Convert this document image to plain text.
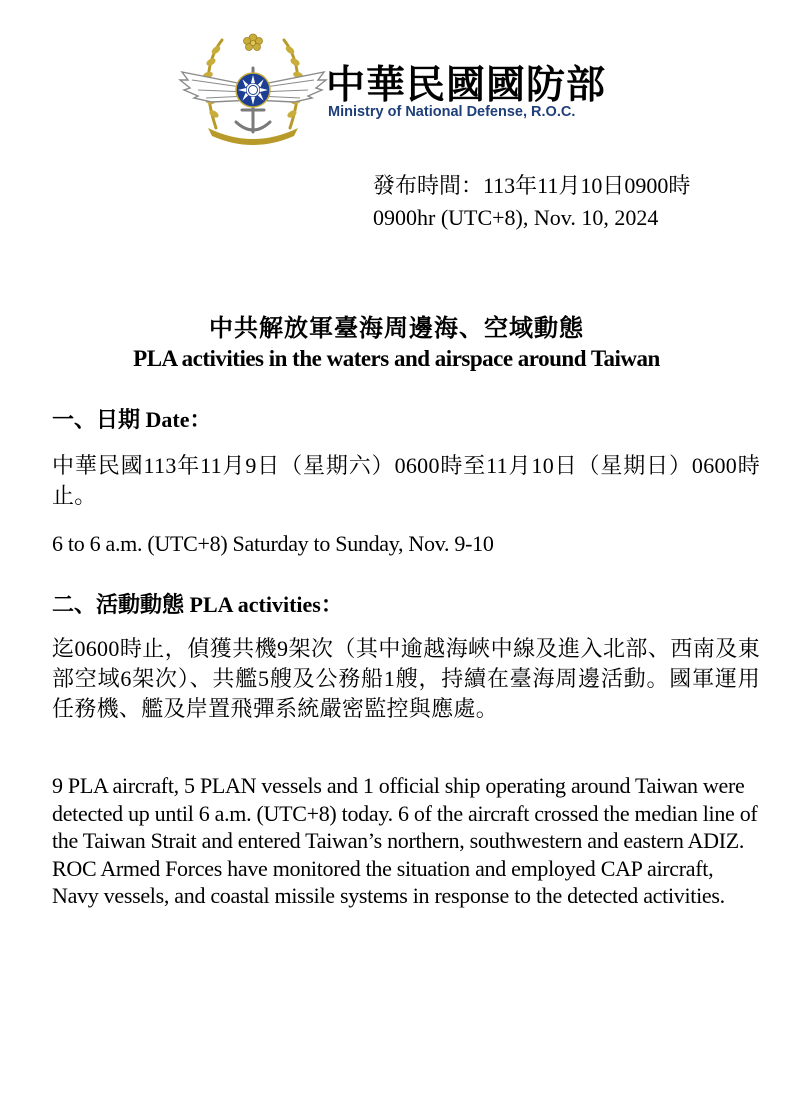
中華民國國防部
Ministry of National Defense, R.O.C.
發布時間：113年11月10日0900時
0900hr (UTC+8), Nov. 10, 2024
中共解放軍臺海周邊海、空域動態
PLA activities in the waters and airspace around Taiwan
一、日期 Date：

中華民國113年11月9日（星期六）0600時至11月10日（星期日）0600時止。

6 to 6 a.m. (UTC+8) Saturday to Sunday, Nov. 9-10

二、活動動態 PLA activities：

迄0600時止，偵獲共機9架次（其中逾越海峽中線及進入北部、西南及東部空域6架次）、共艦5艘及公務船1艘，持續在臺海周邊活動。國軍運用任務機、艦及岸置飛彈系統嚴密監控與應處。

9 PLA aircraft, 5 PLAN vessels and 1 official ship operating around Taiwan were detected up until 6 a.m. (UTC+8) today. 6 of the aircraft crossed the median line of the Taiwan Strait and entered Taiwan’s northern, southwestern and eastern ADIZ. ROC Armed Forces have monitored the situation and employed CAP aircraft, Navy vessels, and coastal missile systems in response to the detected activities.
